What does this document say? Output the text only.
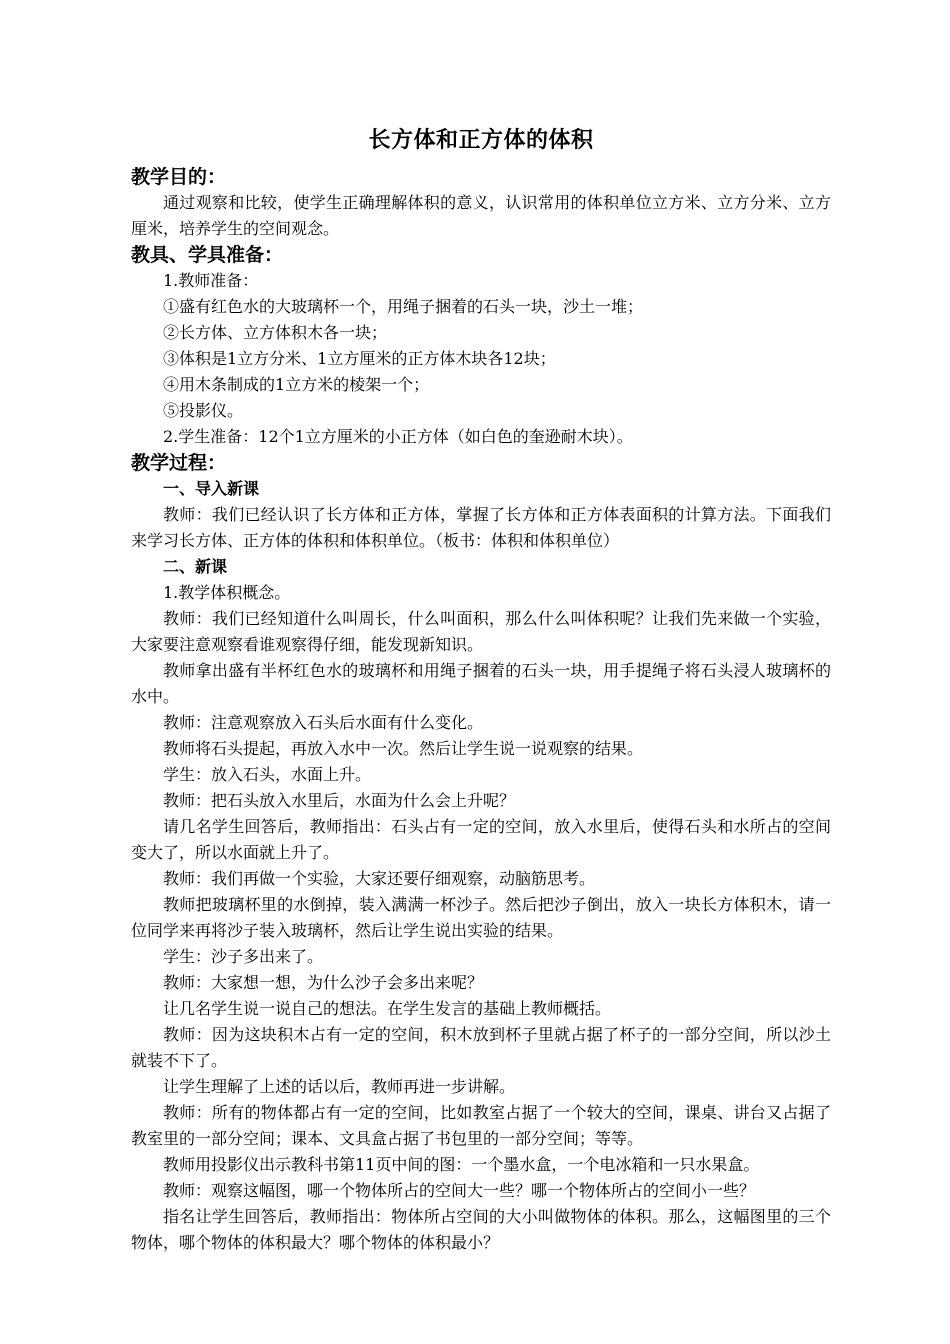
长方体和正方体的体积
教学目的：

通过观察和比较，使学生正确理解体积的意义，认识常用的体积单位立方米、立方分米、立方厘米，培养学生的空间观念。

教具、学具准备：

1.教师准备：

①盛有红色水的大玻璃杯一个，用绳子捆着的石头一块，沙土一堆；

②长方体、立方体积木各一块；

③体积是1立方分米、1立方厘米的正方体木块各12块；

④用木条制成的1立方米的棱架一个；

⑤投影仪。

2.学生准备：12个1立方厘米的小正方体（如白色的奎逊耐木块）。

教学过程：
一、导入新课

教师：我们已经认识了长方体和正方体，掌握了长方体和正方体表面积的计算方法。下面我们来学习长方体、正方体的体积和体积单位。（板书：体积和体积单位）

二、新课

1.教学体积概念。

教师：我们已经知道什么叫周长，什么叫面积，那么什么叫体积呢？让我们先来做一个实验，大家要注意观察看谁观察得仔细，能发现新知识。

教师拿出盛有半杯红色水的玻璃杯和用绳子捆着的石头一块，用手提绳子将石头浸人玻璃杯的水中。

教师：注意观察放入石头后水面有什么变化。

教师将石头提起，再放入水中一次。然后让学生说一说观察的结果。

学生：放入石头，水面上升。

教师：把石头放入水里后，水面为什么会上升呢？

请几名学生回答后，教师指出：石头占有一定的空间，放入水里后，使得石头和水所占的空间变大了，所以水面就上升了。

教师：我们再做一个实验，大家还要仔细观察，动脑筋思考。

教师把玻璃杯里的水倒掉，装入满满一杯沙子。然后把沙子倒出，放入一块长方体积木，请一位同学来再将沙子装入玻璃杯，然后让学生说出实验的结果。

学生：沙子多出来了。

教师：大家想一想，为什么沙子会多出来呢？

让几名学生说一说自己的想法。在学生发言的基础上教师概括。

教师：因为这块积木占有一定的空间，积木放到杯子里就占据了杯子的一部分空间，所以沙土就装不下了。

让学生理解了上述的话以后，教师再进一步讲解。

教师：所有的物体都占有一定的空间，比如教室占据了一个较大的空间，课桌、讲台又占据了教室里的一部分空间；课本、文具盒占据了书包里的一部分空间；等等。

教师用投影仪出示教科书第11页中间的图：一个墨水盒，一个电冰箱和一只水果盒。

教师：观察这幅图，哪一个物体所占的空间大一些？哪一个物体所占的空间小一些？

指名让学生回答后，教师指出：物体所占空间的大小叫做物体的体积。那么，这幅图里的三个物体，哪个物体的体积最大？哪个物体的体积最小？
